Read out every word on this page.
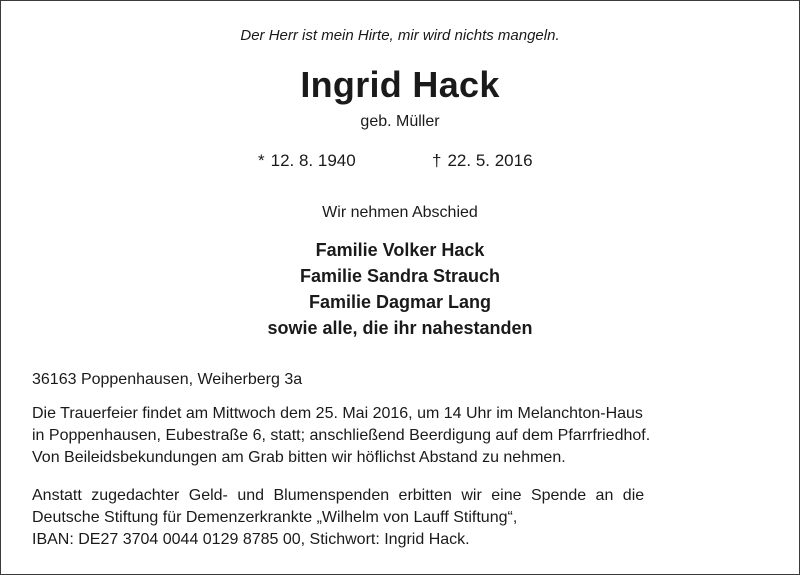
Der Herr ist mein Hirte, mir wird nichts mangeln.
Ingrid Hack
geb. Müller
* 12. 8. 1940	† 22. 5. 2016
Wir nehmen Abschied
Familie Volker Hack
Familie Sandra Strauch
Familie Dagmar Lang
sowie alle, die ihr nahestanden
36163 Poppenhausen, Weiherberg 3a
Die Trauerfeier findet am Mittwoch dem 25. Mai 2016, um 14 Uhr im Melanchton-Haus
in Poppenhausen, Eubestraße 6, statt; anschließend Beerdigung auf dem Pfarrfriedhof.
Von Beileidsbekundungen am Grab bitten wir höflichst Abstand zu nehmen.
Anstatt zugedachter Geld- und Blumenspenden erbitten wir eine Spende an die
Deutsche Stiftung für Demenzerkrankte „Wilhelm von Lauff Stiftung“,
IBAN: DE27 3704 0044 0129 8785 00, Stichwort: Ingrid Hack.
